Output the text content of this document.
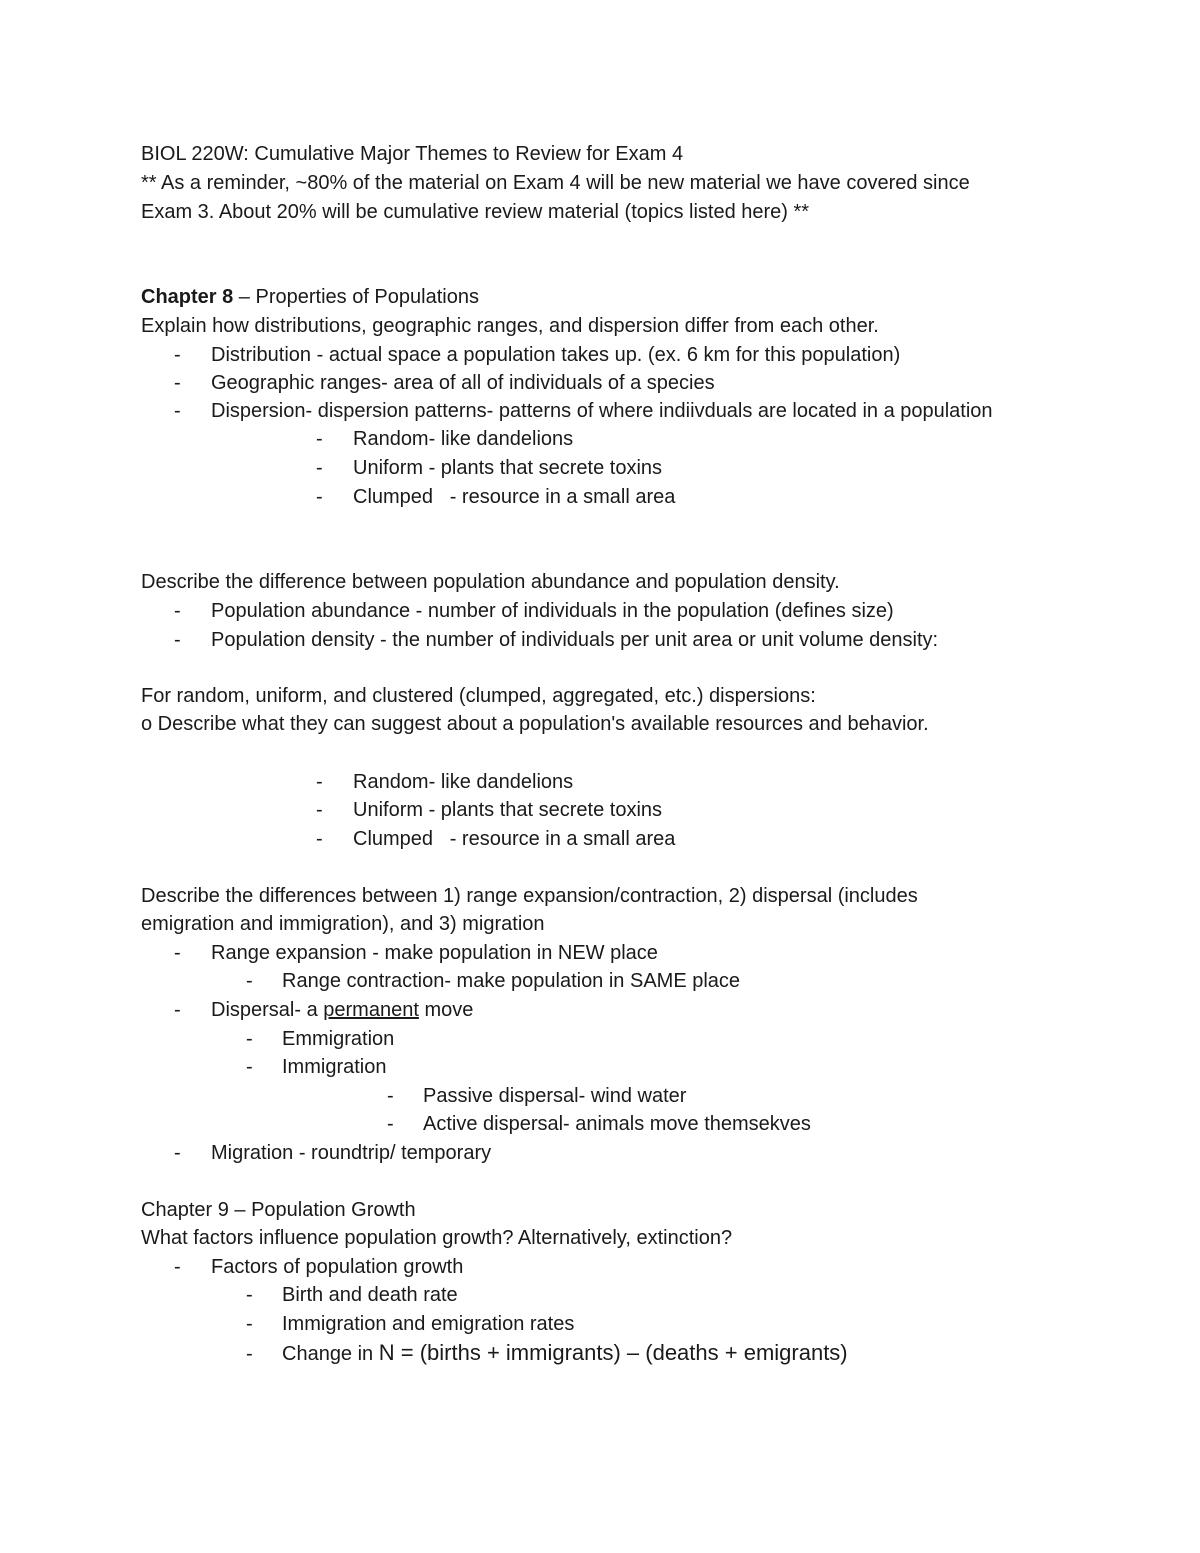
BIOL 220W: Cumulative Major Themes to Review for Exam 4
** As a reminder, ~80% of the material on Exam 4 will be new material we have covered since
Exam 3. About 20% will be cumulative review material (topics listed here) **
Chapter 8 – Properties of Populations
Explain how distributions, geographic ranges, and dispersion differ from each other.
- Distribution - actual space a population takes up. (ex. 6 km for this population)
- Geographic ranges- area of all of individuals of a species
- Dispersion- dispersion patterns- patterns of where indiivduals are located in a population
- Random- like dandelions
- Uniform - plants that secrete toxins
- Clumped   - resource in a small area
Describe the difference between population abundance and population density.
- Population abundance - number of individuals in the population (defines size)
- Population density - the number of individuals per unit area or unit volume density:
For random, uniform, and clustered (clumped, aggregated, etc.) dispersions:
o Describe what they can suggest about a population's available resources and behavior.
- Random- like dandelions
- Uniform - plants that secrete toxins
- Clumped   - resource in a small area
Describe the differences between 1) range expansion/contraction, 2) dispersal (includes
emigration and immigration), and 3) migration
- Range expansion - make population in NEW place
- Range contraction- make population in SAME place
- Dispersal- a permanent move
- Emmigration
- Immigration
- Passive dispersal- wind water
- Active dispersal- animals move themsekves
- Migration - roundtrip/ temporary
Chapter 9 – Population Growth
What factors influence population growth? Alternatively, extinction?
- Factors of population growth
- Birth and death rate
- Immigration and emigration rates
- Change in N = (births + immigrants) – (deaths + emigrants)
